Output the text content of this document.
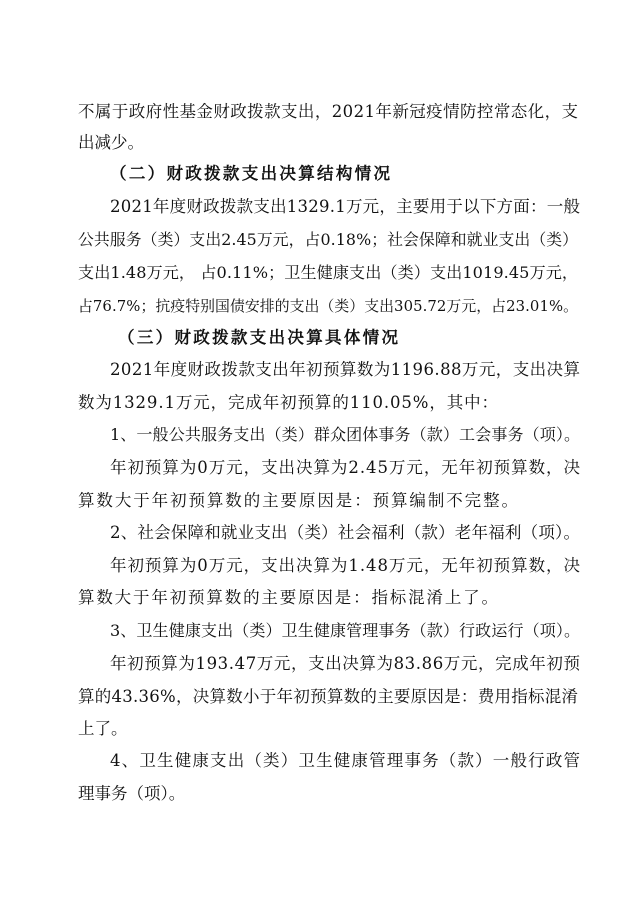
不属于政府性基金财政拨款支出，2021年新冠疫情防控常态化，支
出减少。
（二）财政拨款支出决算结构情况
2021年度财政拨款支出1329.1万元，主要用于以下方面：一般
公共服务（类）支出2.45万元，占0.18%；社会保障和就业支出（类）
支出1.48万元， 占0.11%；卫生健康支出（类）支出1019.45万元，
占76.7%；抗疫特别国债安排的支出（类）支出305.72万元，占23.01%。
（三）财政拨款支出决算具体情况
2021年度财政拨款支出年初预算数为1196.88万元，支出决算
数为1329.1万元，完成年初预算的110.05%，其中：
1、一般公共服务支出（类）群众团体事务（款）工会事务（项）。
年初预算为0万元，支出决算为2.45万元，无年初预算数，决
算数大于年初预算数的主要原因是：预算编制不完整。
2、社会保障和就业支出（类）社会福利（款）老年福利（项）。
年初预算为0万元，支出决算为1.48万元，无年初预算数，决
算数大于年初预算数的主要原因是：指标混淆上了。
3、卫生健康支出（类）卫生健康管理事务（款）行政运行（项）。
年初预算为193.47万元，支出决算为83.86万元，完成年初预
算的43.36%，决算数小于年初预算数的主要原因是：费用指标混淆
上了。
4、卫生健康支出（类）卫生健康管理事务（款）一般行政管
理事务（项）。
